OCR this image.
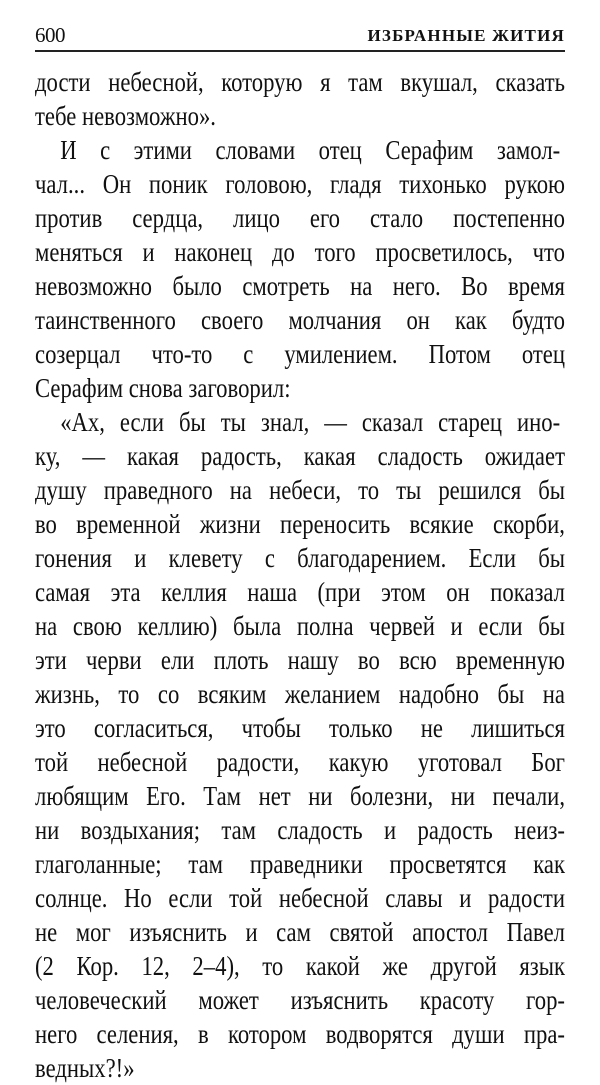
600	ИЗБРАННЫЕ ЖИТИЯ
дости небесной, которую я там вкушал, сказать
тебе невозможно».
И с этими словами отец Серафим замол-
чал... Он поник головою, гладя тихонько рукою
против сердца, лицо его стало постепенно
меняться и наконец до того просветилось, что
невозможно было смотреть на него. Во время
таинственного своего молчания он как будто
созерцал что-то с умилением. Потом отец
Серафим снова заговорил:
«Ах, если бы ты знал, — сказал старец ино-
ку, — какая радость, какая сладость ожидает
душу праведного на небеси, то ты решился бы
во временной жизни переносить всякие скорби,
гонения и клевету с благодарением. Если бы
самая эта келлия наша (при этом он показал
на свою келлию) была полна червей и если бы
эти черви ели плоть нашу во всю временную
жизнь, то со всяким желанием надобно бы на
это согласиться, чтобы только не лишиться
той небесной радости, какую уготовал Бог
любящим Его. Там нет ни болезни, ни печали,
ни воздыхания; там сладость и радость неиз-
глаголанные; там праведники просветятся как
солнце. Но если той небесной славы и радости
не мог изъяснить и сам святой апостол Павел
(2 Кор. 12, 2–4), то какой же другой язык
человеческий может изъяснить красоту гор-
него селения, в котором водворятся души пра-
ведных?!»
